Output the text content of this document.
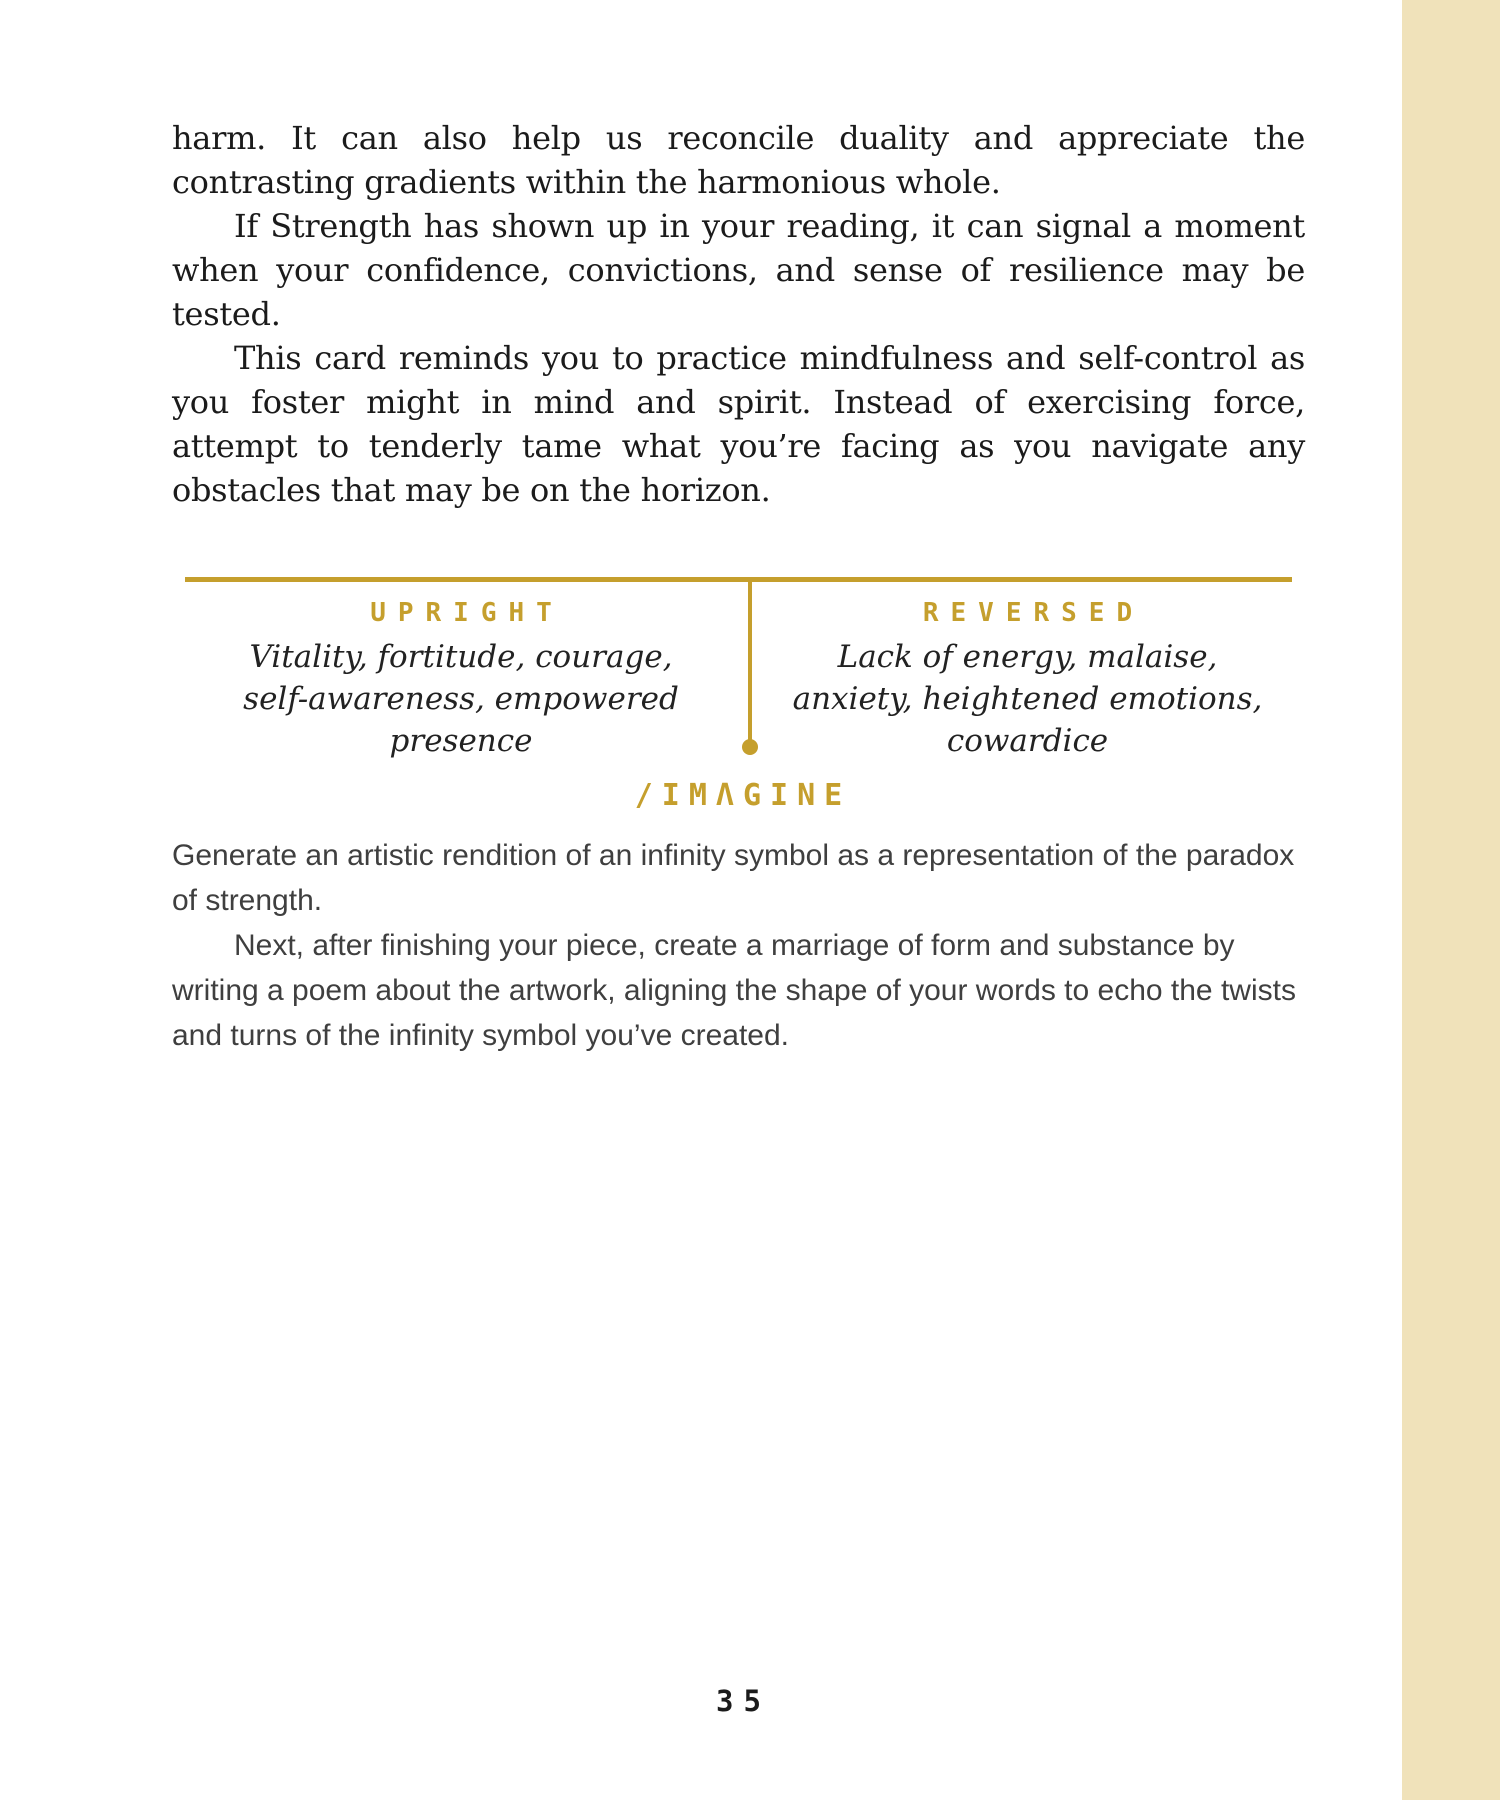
harm. It can also help us reconcile duality and appreciate the contrasting gradients within the harmonious whole.

If Strength has shown up in your reading, it can signal a moment when your confidence, convictions, and sense of resilience may be tested.

This card reminds you to practice mindfulness and self-control as you foster might in mind and spirit. Instead of exercising force, attempt to tenderly tame what you’re facing as you navigate any obstacles that may be on the horizon.

UPRIGHT
Vitality, fortitude, courage,
self-awareness, empowered
presence
REVERSED
Lack of energy, malaise,
anxiety, heightened emotions,
cowardice
/IMΛGINE

Generate an artistic rendition of an infinity symbol as a representation of the paradox of strength.

Next, after finishing your piece, create a marriage of form and substance by writing a poem about the artwork, aligning the shape of your words to echo the twists and turns of the infinity symbol you’ve created.

35
